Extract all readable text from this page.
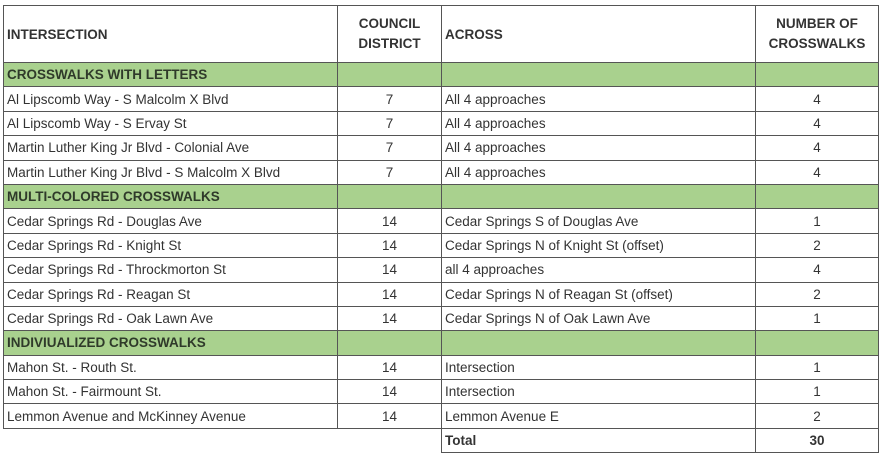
INTERSECTION	COUNCIL DISTRICT	ACROSS	NUMBER OF CROSSWALKS
CROSSWALKS WITH LETTERS			
Al Lipscomb Way - S Malcolm X Blvd	7	All 4 approaches	4
Al Lipscomb Way - S Ervay St	7	All 4 approaches	4
Martin Luther King Jr Blvd - Colonial Ave	7	All 4 approaches	4
Martin Luther King Jr Blvd - S Malcolm X Blvd	7	All 4 approaches	4
MULTI-COLORED CROSSWALKS			
Cedar Springs Rd - Douglas Ave	14	Cedar Springs S of Douglas Ave	1
Cedar Springs Rd - Knight St	14	Cedar Springs N of Knight St (offset)	2
Cedar Springs Rd - Throckmorton St	14	all 4 approaches	4
Cedar Springs Rd - Reagan St	14	Cedar Springs N of Reagan St (offset)	2
Cedar Springs Rd - Oak Lawn Ave	14	Cedar Springs N of Oak Lawn Ave	1
INDIVIUALIZED CROSSWALKS			
Mahon St. - Routh St.	14	Intersection	1
Mahon St. - Fairmount St.	14	Intersection	1
Lemmon Avenue and McKinney Avenue	14	Lemmon Avenue E	2
		Total	30
